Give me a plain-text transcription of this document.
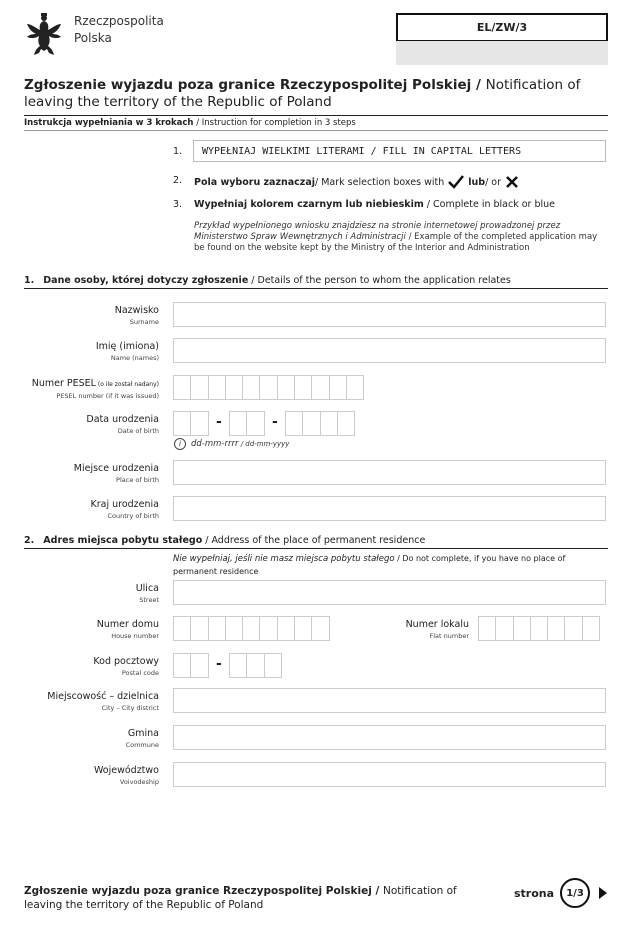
Rzeczpospolita
Polska
EL/ZW/3
Zgłoszenie wyjazdu poza granice Rzeczypospolitej Polskiej / Notification of leaving the territory of the Republic of Poland
Instrukcja wypełniania w 3 krokach / Instruction for completion in 3 steps
1.	WYPEŁNIAJ WIELKIMI LITERAMI / FILL IN CAPITAL LETTERS
2. Pola wyboru zaznaczaj / Mark selection boxes with	lub / or
3. Wypełniaj kolorem czarnym lub niebieskim / Complete in black or blue
Przykład wypełnionego wniosku znajdziesz na stronie internetowej prowadzonej przez Ministerstwo Spraw Wewnętrznych i Administracji / Example of the completed application may be found on the website kept by the Ministry of the Interior and Administration
1. Dane osoby, której dotyczy zgłoszenie / Details of the person to whom the application relates
Nazwisko
Surname
Imię (imiona)
Name (names)
Numer PESEL (o ile został nadany)
PESEL number (if it was issued)
Data urodzenia
Date of birth
-	-
i	dd-mm-rrrr / dd-mm-yyyy
Miejsce urodzenia
Place of birth
Kraj urodzenia
Country of birth
2. Adres miejsca pobytu stałego / Address of the place of permanent residence
Nie wypełniaj, jeśli nie masz miejsca pobytu stałego / Do not complete, if you have no place of permanent residence
Ulica
Street
Numer domu
House number
Numer lokalu
Flat number
Kod pocztowy
Postal code
-
Miejscowość – dzielnica
City – City district
Gmina
Commune
Województwo
Voivodeship
Zgłoszenie wyjazdu poza granice Rzeczypospolitej Polskiej / Notification of leaving the territory of the Republic of Poland
strona	1/3
